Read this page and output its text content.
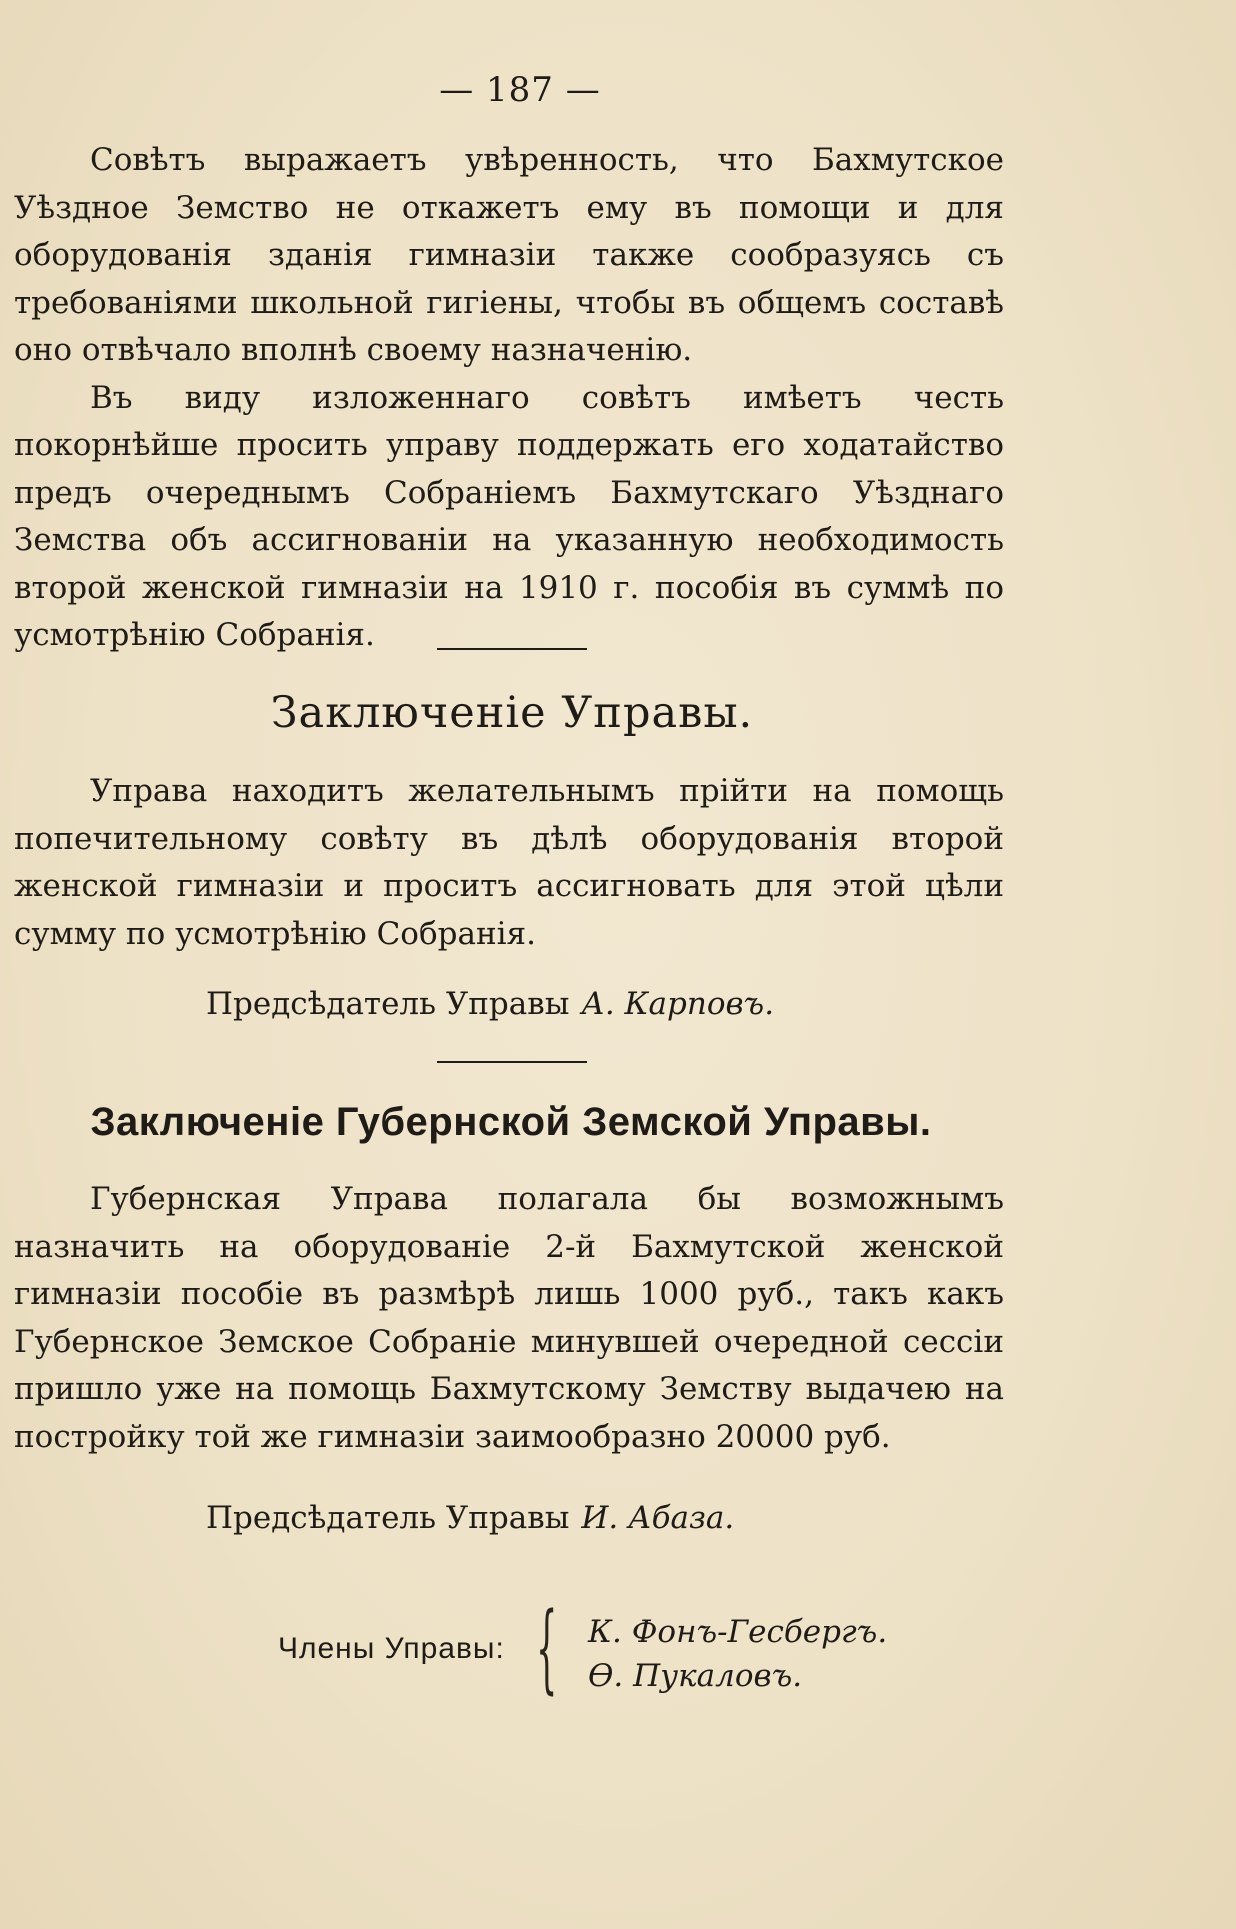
— 187 —

Совѣтъ выражаетъ увѣренность, что Бахмутское Уѣздное Земство не откажетъ ему въ помощи и для оборудованія зданія гимназіи также сообразуясь съ требованіями школьной гигіены, чтобы въ общемъ составѣ оно отвѣчало вполнѣ своему назначенію.

Въ виду изложеннаго совѣтъ имѣетъ честь покорнѣйше просить управу поддержать его ходатайство предъ очереднымъ Собраніемъ Бахмутскаго Уѣзднаго Земства объ ассигнованіи на указанную необходимость второй женской гимназіи на 1910 г. пособія въ суммѣ по усмотрѣнію Собранія.

Заключеніе Управы.

Управа находитъ желательнымъ прійти на помощь попечительному совѣту въ дѣлѣ оборудованія второй женской гимназіи и проситъ ассигновать для этой цѣли сумму по усмотрѣнію Собранія.

Предсѣдатель Управы А. Карповъ.
Заключеніе Губернской Земской Управы.

Губернская Управа полагала бы возможнымъ назначить на оборудованіе 2-й Бахмутской женской гимназіи пособіе въ размѣрѣ лишь 1000 руб., такъ какъ Губернское Земское Собраніе минувшей очередной сессіи пришло уже на помощь Бахмутскому Земству выдачею на постройку той же гимназіи заимообразно 20000 руб.

Предсѣдатель Управы И. Абаза.
Члены Управы: { К. Фонъ-Гесбергъ.
Ѳ. Пукаловъ.
